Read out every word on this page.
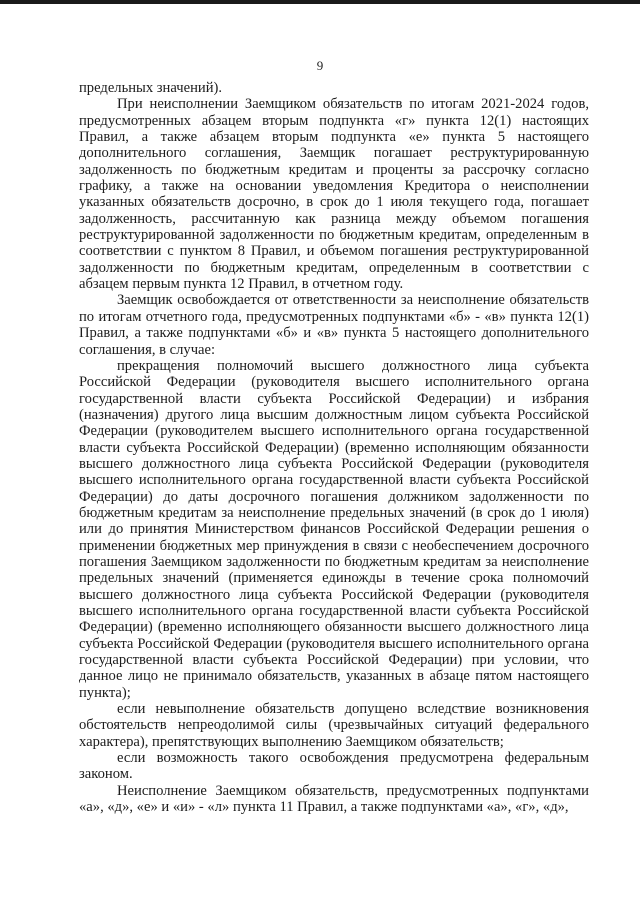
9

предельных значений).

При неисполнении Заемщиком обязательств по итогам 2021-2024 годов, предусмотренных абзацем вторым подпункта «г» пункта 12(1) настоящих Правил, а также абзацем вторым подпункта «е» пункта 5 настоящего дополнительного соглашения, Заемщик погашает реструктурированную задолженность по бюджетным кредитам и проценты за рассрочку согласно графику, а также на основании уведомления Кредитора о неисполнении указанных обязательств досрочно, в срок до 1 июля текущего года, погашает задолженность, рассчитанную как разница между объемом погашения реструктурированной задолженности по бюджетным кредитам, определенным в соответствии с пунктом 8 Правил, и объемом погашения реструктурированной задолженности по бюджетным кредитам, определенным в соответствии с абзацем первым пункта 12 Правил, в отчетном году.

Заемщик освобождается от ответственности за неисполнение обязательств по итогам отчетного года, предусмотренных подпунктами «б» - «в» пункта 12(1) Правил, а также подпунктами «б» и «в» пункта 5 настоящего дополнительного соглашения, в случае:

прекращения полномочий высшего должностного лица субъекта Российской Федерации (руководителя высшего исполнительного органа государственной власти субъекта Российской Федерации) и избрания (назначения) другого лица высшим должностным лицом субъекта Российской Федерации (руководителем высшего исполнительного органа государственной власти субъекта Российской Федерации) (временно исполняющим обязанности высшего должностного лица субъекта Российской Федерации (руководителя высшего исполнительного органа государственной власти субъекта Российской Федерации) до даты досрочного погашения должником задолженности по бюджетным кредитам за неисполнение предельных значений (в срок до 1 июля) или до принятия Министерством финансов Российской Федерации решения о применении бюджетных мер принуждения в связи с необеспечением досрочного погашения Заемщиком задолженности по бюджетным кредитам за неисполнение предельных значений (применяется единожды в течение срока полномочий высшего должностного лица субъекта Российской Федерации (руководителя высшего исполнительного органа государственной власти субъекта Российской Федерации) (временно исполняющего обязанности высшего должностного лица субъекта Российской Федерации (руководителя высшего исполнительного органа государственной власти субъекта Российской Федерации) при условии, что данное лицо не принимало обязательств, указанных в абзаце пятом настоящего пункта);

если невыполнение обязательств допущено вследствие возникновения обстоятельств непреодолимой силы (чрезвычайных ситуаций федерального характера), препятствующих выполнению Заемщиком обязательств;

если возможность такого освобождения предусмотрена федеральным законом.

Неисполнение Заемщиком обязательств, предусмотренных подпунктами «а», «д», «е» и «и» - «л» пункта 11 Правил, а также подпунктами «а», «г», «д»,
